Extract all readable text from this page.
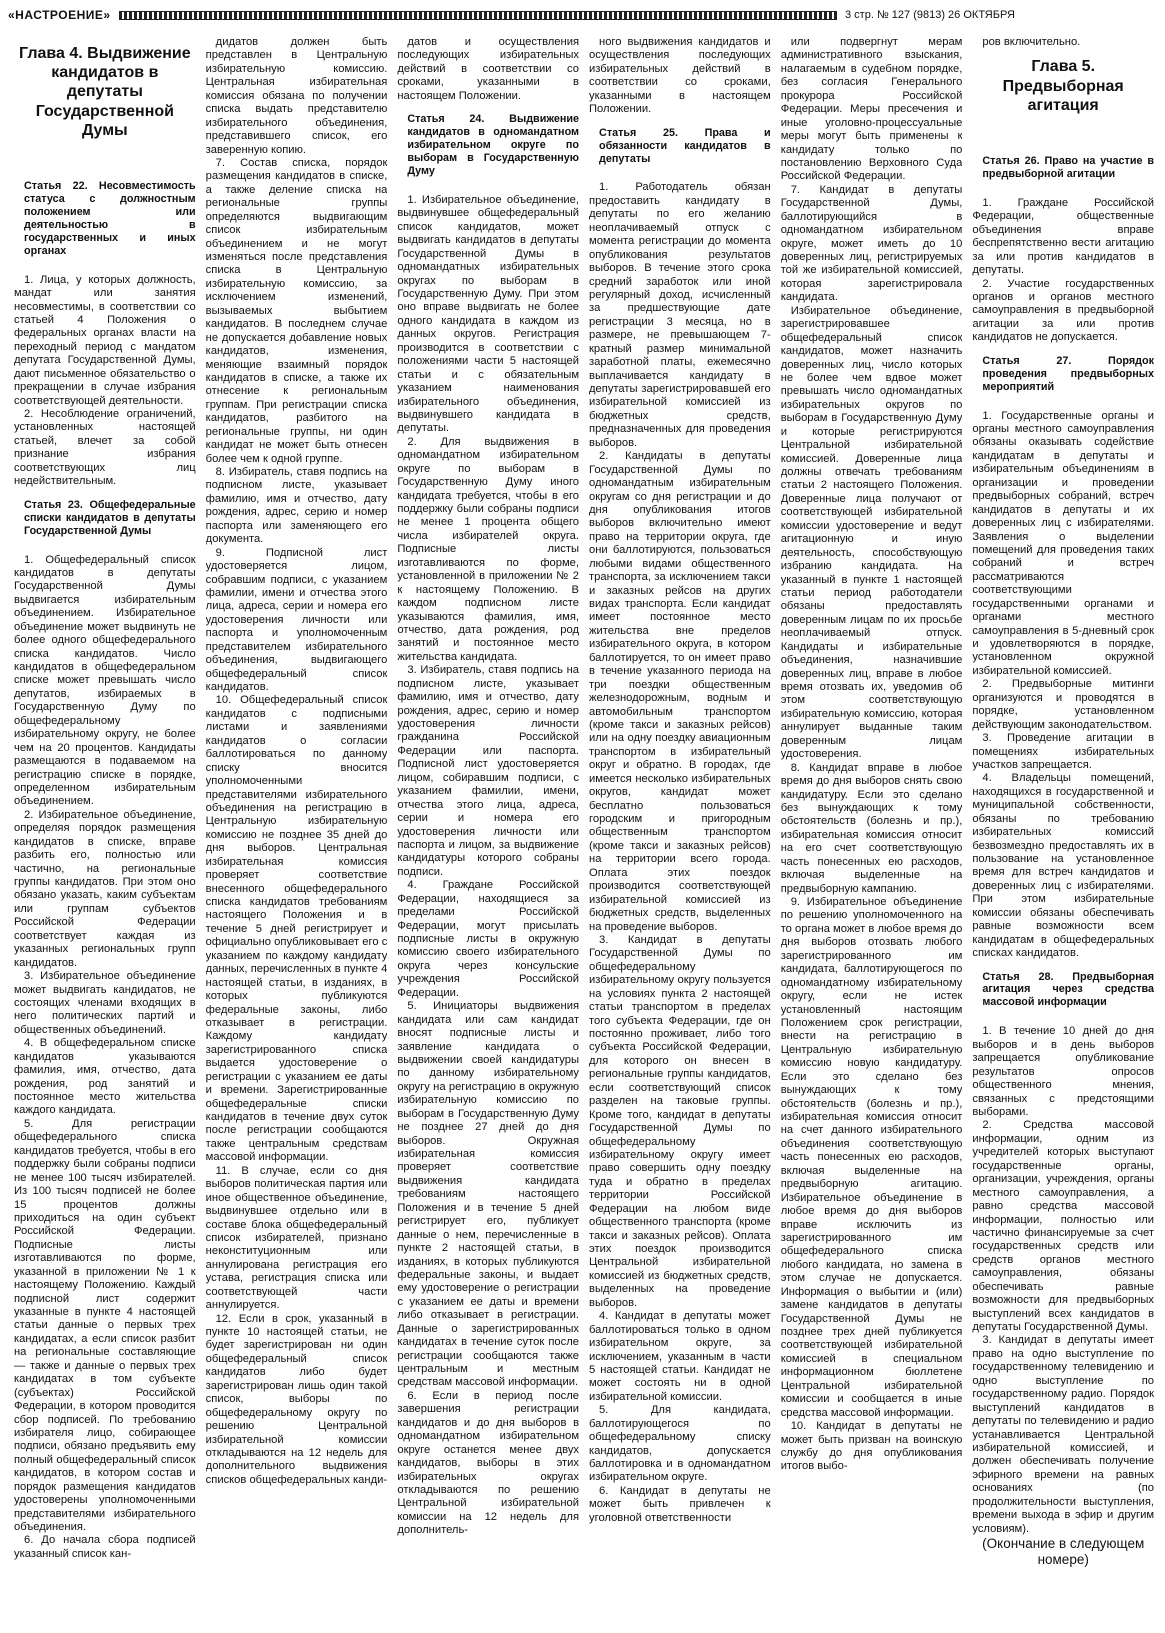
«НАСТРОЕНИЕ»	3 стр. № 127 (9813) 26 ОКТЯБРЯ
Глава 4. Выдвижение кандидатов в депутаты Государственной Думы
Статья 22. Несовместимость статуса с должностным положением или деятельностью в государственных и иных органах

1. Лица, у которых должность, мандат или занятия несовместимы, в соответствии со статьей 4 Положения о федеральных органах власти на переходный период с мандатом депутата Государственной Думы, дают письменное обязательство о прекращении в случае избрания соответствующей деятельности.

2. Несоблюдение ограничений, установленных настоящей статьей, влечет за собой признание избрания соответствующих лиц недействительным.

Статья 23. Общефедеральные списки кандидатов в депутаты Государственной Думы

1. Общефедеральный список кандидатов в депутаты Государственной Думы выдвигается избирательным объединением. Избирательное объединение может выдвинуть не более одного общефедерального списка кандидатов. Число кандидатов в общефедеральном списке может превышать число депутатов, избираемых в Государственную Думу по общефедеральному избирательному округу, не более чем на 20 процентов. Кандидаты размещаются в подаваемом на регистрацию списке в порядке, определенном избирательным объединением.

2. Избирательное объединение, определяя порядок размещения кандидатов в списке, вправе разбить его, полностью или частично, на региональные группы кандидатов. При этом оно обязано указать, каким субъектам или группам субъектов Российской Федерации соответствует каждая из указанных региональных групп кандидатов.

3. Избирательное объединение может выдвигать кандидатов, не состоящих членами входящих в него политических партий и общественных объединений.

4. В общефедеральном списке кандидатов указываются фамилия, имя, отчество, дата рождения, род занятий и постоянное место жительства каждого кандидата.

5. Для регистрации общефедерального списка кандидатов требуется, чтобы в его поддержку были собраны подписи не менее 100 тысяч избирателей. Из 100 тысяч подписей не более 15 процентов должны приходиться на один субъект Российской Федерации. Подписные листы изготавливаются по форме, указанной в приложении № 1 к настоящему Положению. Каждый подписной лист содержит указанные в пункте 4 настоящей статьи данные о первых трех кандидатах, а если список разбит на региональные составляющие — также и данные о первых трех кандидатах в том субъекте (субъектах) Российской Федерации, в котором проводится сбор подписей. По требованию избирателя лицо, собирающее подписи, обязано предъявить ему полный общефедеральный список кандидатов, в котором состав и порядок размещения кандидатов удостоверены уполномоченными представителями избирательного объединения.

6. До начала сбора подписей указанный список кан-

дидатов должен быть представлен в Центральную избирательную комиссию. Центральная избирательная комиссия обязана по получении списка выдать представителю избирательного объединения, представившего список, его заверенную копию.

7. Состав списка, порядок размещения кандидатов в списке, а также деление списка на региональные группы определяются выдвигающим список избирательным объединением и не могут изменяться после представления списка в Центральную избирательную комиссию, за исключением изменений, вызываемых выбытием кандидатов. В последнем случае не допускается добавление новых кандидатов, изменения, меняющие взаимный порядок кандидатов в списке, а также их отнесение к региональным группам. При регистрации списка кандидатов, разбитого на региональные группы, ни один кандидат не может быть отнесен более чем к одной группе.

8. Избиратель, ставя подпись на подписном листе, указывает фамилию, имя и отчество, дату рождения, адрес, серию и номер паспорта или заменяющего его документа.

9. Подписной лист удостоверяется лицом, собравшим подписи, с указанием фамилии, имени и отчества этого лица, адреса, серии и номера его удостоверения личности или паспорта и уполномоченным представителем избирательного объединения, выдвигающего общефедеральный список кандидатов.

10. Общефедеральный список кандидатов с подписными листами и заявлениями кандидатов о согласии баллотироваться по данному списку вносится уполномоченными представителями избирательного объединения на регистрацию в Центральную избирательную комиссию не позднее 35 дней до дня выборов. Центральная избирательная комиссия проверяет соответствие внесенного общефедерального списка кандидатов требованиям настоящего Положения и в течение 5 дней регистрирует и официально опубликовывает его с указанием по каждому кандидату данных, перечисленных в пункте 4 настоящей статьи, в изданиях, в которых публикуются федеральные законы, либо отказывает в регистрации. Каждому кандидату зарегистрированного списка выдается удостоверение о регистрации с указанием ее даты и времени. Зарегистрированные общефедеральные списки кандидатов в течение двух суток после регистрации сообщаются также центральным средствам массовой информации.

11. В случае, если со дня выборов политическая партия или иное общественное объединение, выдвинувшее отдельно или в составе блока общефедеральный список избирателей, признано неконституционным или аннулирована регистрация его устава, регистрация списка или соответствующей части аннулируется.

12. Если в срок, указанный в пункте 10 настоящей статьи, не будет зарегистрирован ни один общефедеральный список кандидатов либо будет зарегистрирован лишь один такой список, выборы по общефедеральному округу по решению Центральной избирательной комиссии откладываются на 12 недель для дополнительного выдвижения списков общефедеральных канди-

датов и осуществления последующих избирательных действий в соответствии со сроками, указанными в настоящем Положении.

Статья 24. Выдвижение кандидатов в одномандатном избирательном округе по выборам в Государственную Думу

1. Избирательное объединение, выдвинувшее общефедеральный список кандидатов, может выдвигать кандидатов в депутаты Государственной Думы в одномандатных избирательных округах по выборам в Государственную Думу. При этом оно вправе выдвигать не более одного кандидата в каждом из данных округов. Регистрация производится в соответствии с положениями части 5 настоящей статьи и с обязательным указанием наименования избирательного объединения, выдвинувшего кандидата в депутаты.

2. Для выдвижения в одномандатном избирательном округе по выборам в Государственную Думу иного кандидата требуется, чтобы в его поддержку были собраны подписи не менее 1 процента общего числа избирателей округа. Подписные листы изготавливаются по форме, установленной в приложении № 2 к настоящему Положению. В каждом подписном листе указываются фамилия, имя, отчество, дата рождения, род занятий и постоянное место жительства кандидата.

3. Избиратель, ставя подпись на подписном листе, указывает фамилию, имя и отчество, дату рождения, адрес, серию и номер удостоверения личности гражданина Российской Федерации или паспорта. Подписной лист удостоверяется лицом, собиравшим подписи, с указанием фамилии, имени, отчества этого лица, адреса, серии и номера его удостоверения личности или паспорта и лицом, за выдвижение кандидатуры которого собраны подписи.

4. Граждане Российской Федерации, находящиеся за пределами Российской Федерации, могут присылать подписные листы в окружную комиссию своего избирательного округа через консульские учреждения Российской Федерации.

5. Инициаторы выдвижения кандидата или сам кандидат вносят подписные листы и заявление кандидата о выдвижении своей кандидатуры по данному избирательному округу на регистрацию в окружную избирательную комиссию по выборам в Государственную Думу не позднее 27 дней до дня выборов. Окружная избирательная комиссия проверяет соответствие выдвижения кандидата требованиям настоящего Положения и в течение 5 дней регистрирует его, публикует данные о нем, перечисленные в пункте 2 настоящей статьи, в изданиях, в которых публикуются федеральные законы, и выдает ему удостоверение о регистрации с указанием ее даты и времени либо отказывает в регистрации. Данные о зарегистрированных кандидатах в течение суток после регистрации сообщаются также центральным и местным средствам массовой информации.

6. Если в период после завершения регистрации кандидатов и до дня выборов в одномандатном избирательном округе останется менее двух кандидатов, выборы в этих избирательных округах откладываются по решению Центральной избирательной комиссии на 12 недель для дополнитель-

ного выдвижения кандидатов и осуществления последующих избирательных действий в соответствии со сроками, указанными в настоящем Положении.

Статья 25. Права и обязанности кандидатов в депутаты

1. Работодатель обязан предоставить кандидату в депутаты по его желанию неоплачиваемый отпуск с момента регистрации до момента опубликования результатов выборов. В течение этого срока средний заработок или иной регулярный доход, исчисленный за предшествующие дате регистрации 3 месяца, но в размере, не превышающем 7-кратный размер минимальной заработной платы, ежемесячно выплачивается кандидату в депутаты зарегистрировавшей его избирательной комиссией из бюджетных средств, предназначенных для проведения выборов.

2. Кандидаты в депутаты Государственной Думы по одномандатным избирательным округам со дня регистрации и до дня опубликования итогов выборов включительно имеют право на территории округа, где они баллотируются, пользоваться любыми видами общественного транспорта, за исключением такси и заказных рейсов на других видах транспорта. Если кандидат имеет постоянное место жительства вне пределов избирательного округа, в котором баллотируется, то он имеет право в течение указанного периода на три поездки общественным железнодорожным, водным и автомобильным транспортом (кроме такси и заказных рейсов) или на одну поездку авиационным транспортом в избирательный округ и обратно. В городах, где имеется несколько избирательных округов, кандидат может бесплатно пользоваться городским и пригородным общественным транспортом (кроме такси и заказных рейсов) на территории всего города. Оплата этих поездок производится соответствующей избирательной комиссией из бюджетных средств, выделенных на проведение выборов.

3. Кандидат в депутаты Государственной Думы по общефедеральному избирательному округу пользуется на условиях пункта 2 настоящей статьи транспортом в пределах того субъекта Федерации, где он постоянно проживает, либо того субъекта Российской Федерации, для которого он внесен в региональные группы кандидатов, если соответствующий список разделен на таковые группы. Кроме того, кандидат в депутаты Государственной Думы по общефедеральному избирательному округу имеет право совершить одну поездку туда и обратно в пределах территории Российской Федерации на любом виде общественного транспорта (кроме такси и заказных рейсов). Оплата этих поездок производится Центральной избирательной комиссией из бюджетных средств, выделенных на проведение выборов.

4. Кандидат в депутаты может баллотироваться только в одном избирательном округе, за исключением, указанным в части 5 настоящей статьи. Кандидат не может состоять ни в одной избирательной комиссии.

5. Для кандидата, баллотирующегося по общефедеральному списку кандидатов, допускается баллотировка и в одномандатном избирательном округе.

6. Кандидат в депутаты не может быть привлечен к уголовной ответственности

или подвергнут мерам административного взыскания, налагаемым в судебном порядке, без согласия Генерального прокурора Российской Федерации. Меры пресечения и иные уголовно-процессуальные меры могут быть применены к кандидату только по постановлению Верховного Суда Российской Федерации.

7. Кандидат в депутаты Государственной Думы, баллотирующийся в одномандатном избирательном округе, может иметь до 10 доверенных лиц, регистрируемых той же избирательной комиссией, которая зарегистрировала кандидата.

Избирательное объединение, зарегистрировавшее общефедеральный список кандидатов, может назначить доверенных лиц, число которых не более чем вдвое может превышать число одномандатных избирательных округов по выборам в Государственную Думу и которые регистрируются Центральной избирательной комиссией. Доверенные лица должны отвечать требованиям статьи 2 настоящего Положения. Доверенные лица получают от соответствующей избирательной комиссии удостоверение и ведут агитационную и иную деятельность, способствующую избранию кандидата. На указанный в пункте 1 настоящей статьи период работодатели обязаны предоставлять доверенным лицам по их просьбе неоплачиваемый отпуск. Кандидаты и избирательные объединения, назначившие доверенных лиц, вправе в любое время отозвать их, уведомив об этом соответствующую избирательную комиссию, которая аннулирует выданные таким доверенным лицам удостоверения.

8. Кандидат вправе в любое время до дня выборов снять свою кандидатуру. Если это сделано без вынуждающих к тому обстоятельств (болезнь и пр.), избирательная комиссия относит на его счет соответствующую часть понесенных ею расходов, включая выделенные на предвыборную кампанию.

9. Избирательное объединение по решению уполномоченного на то органа может в любое время до дня выборов отозвать любого зарегистрированного им кандидата, баллотирующегося по одномандатному избирательному округу, если не истек установленный настоящим Положением срок регистрации, внести на регистрацию в Центральную избирательную комиссию новую кандидатуру. Если это сделано без вынуждающих к тому обстоятельств (болезнь и пр.), избирательная комиссия относит на счет данного избирательного объединения соответствующую часть понесенных ею расходов, включая выделенные на предвыборную агитацию. Избирательное объединение в любое время до дня выборов вправе исключить из зарегистрированного им общефедерального списка любого кандидата, но замена в этом случае не допускается. Информация о выбытии и (или) замене кандидатов в депутаты Государственной Думы не позднее трех дней публикуется соответствующей избирательной комиссией в специальном информационном бюллетене Центральной избирательной комиссии и сообщается в иные средства массовой информации.

10. Кандидат в депутаты не может быть призван на воинскую службу до дня опубликования итогов выбо-

ров включительно.

Глава 5. Предвыборная агитация
Статья 26. Право на участие в предвыборной агитации

1. Граждане Российской Федерации, общественные объединения вправе беспрепятственно вести агитацию за или против кандидатов в депутаты.

2. Участие государственных органов и органов местного самоуправления в предвыборной агитации за или против кандидатов не допускается.

Статья 27. Порядок проведения предвыборных мероприятий

1. Государственные органы и органы местного самоуправления обязаны оказывать содействие кандидатам в депутаты и избирательным объединениям в организации и проведении предвыборных собраний, встреч кандидатов в депутаты и их доверенных лиц с избирателями. Заявления о выделении помещений для проведения таких собраний и встреч рассматриваются соответствующими государственными органами и органами местного самоуправления в 5-дневный срок и удовлетворяются в порядке, установленном окружной избирательной комиссией.

2. Предвыборные митинги организуются и проводятся в порядке, установленном действующим законодательством.

3. Проведение агитации в помещениях избирательных участков запрещается.

4. Владельцы помещений, находящихся в государственной и муниципальной собственности, обязаны по требованию избирательных комиссий безвозмездно предоставлять их в пользование на установленное время для встреч кандидатов и доверенных лиц с избирателями. При этом избирательные комиссии обязаны обеспечивать равные возможности всем кандидатам в общефедеральных списках кандидатов.

Статья 28. Предвыборная агитация через средства массовой информации

1. В течение 10 дней до дня выборов и в день выборов запрещается опубликование результатов опросов общественного мнения, связанных с предстоящими выборами.

2. Средства массовой информации, одним из учредителей которых выступают государственные органы, организации, учреждения, органы местного самоуправления, а равно средства массовой информации, полностью или частично финансируемые за счет государственных средств или средств органов местного самоуправления, обязаны обеспечивать равные возможности для предвыборных выступлений всех кандидатов в депутаты Государственной Думы.

3. Кандидат в депутаты имеет право на одно выступление по государственному телевидению и одно выступление по государственному радио. Порядок выступлений кандидатов в депутаты по телевидению и радио устанавливается Центральной избирательной комиссией, и должен обеспечивать получение эфирного времени на равных основаниях (по продолжительности выступления, времени выхода в эфир и другим условиям).

(Окончание в следующем номере)
